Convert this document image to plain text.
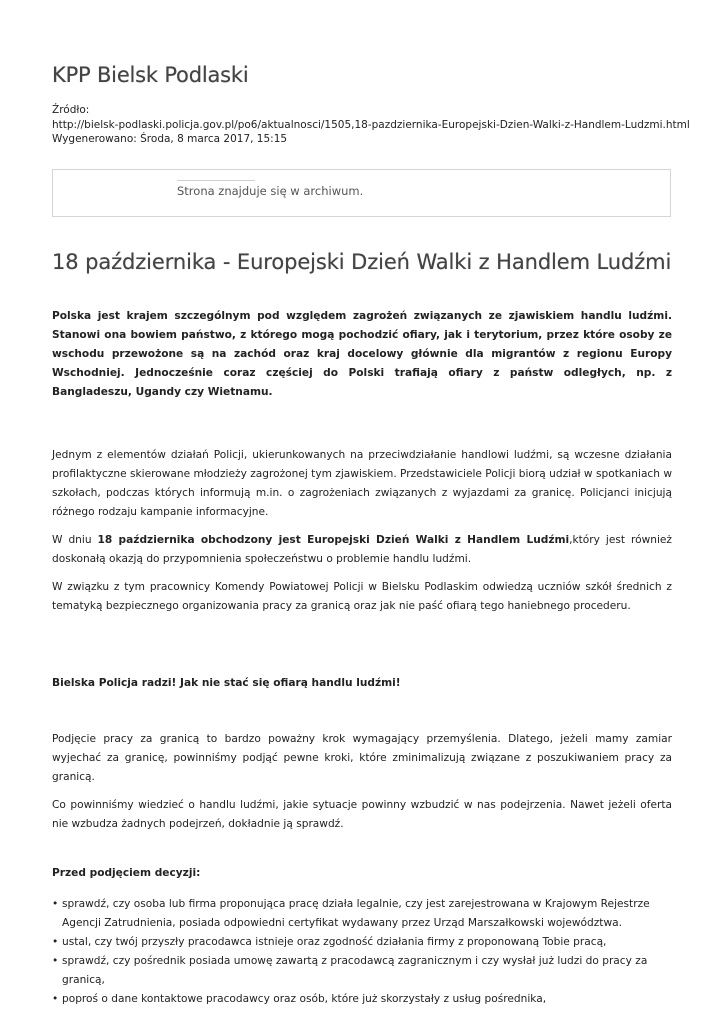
KPP Bielsk Podlaski
Źródło:
http://bielsk-podlaski.policja.gov.pl/po6/aktualnosci/1505,18-pazdziernika-Europejski-Dzien-Walki-z-Handlem-Ludzmi.html
Wygenerowano: Środa, 8 marca 2017, 15:15
Strona znajduje się w archiwum.
18 października - Europejski Dzień Walki z Handlem Ludźmi

Polska jest krajem szczególnym pod względem zagrożeń związanych ze zjawiskiem handlu ludźmi. Stanowi ona bowiem państwo, z którego mogą pochodzić ofiary, jak i terytorium, przez które osoby ze wschodu przewożone są na zachód oraz kraj docelowy głównie dla migrantów z regionu Europy Wschodniej. Jednocześnie coraz częściej do Polski trafiają ofiary z państw odległych, np. z Bangladeszu, Ugandy czy Wietnamu.

Jednym z elementów działań Policji, ukierunkowanych na przeciwdziałanie handlowi ludźmi, są wczesne działania profilaktyczne skierowane młodzieży zagrożonej tym zjawiskiem. Przedstawiciele Policji biorą udział w spotkaniach w szkołach, podczas których informują m.in. o zagrożeniach związanych z wyjazdami za granicę. Policjanci inicjują różnego rodzaju kampanie informacyjne.

W dniu 18 października obchodzony jest Europejski Dzień Walki z Handlem Ludźmi,który jest również doskonałą okazją do przypomnienia społeczeństwu o problemie handlu ludźmi.

W związku z tym pracownicy Komendy Powiatowej Policji w Bielsku Podlaskim odwiedzą uczniów szkół średnich z tematyką bezpiecznego organizowania pracy za granicą oraz jak nie paść ofiarą tego haniebnego procederu.

Bielska Policja radzi! Jak nie stać się ofiarą handlu ludźmi!

Podjęcie pracy za granicą to bardzo poważny krok wymagający przemyślenia. Dlatego, jeżeli mamy zamiar wyjechać za granicę, powinniśmy podjąć pewne kroki, które zminimalizują związane z poszukiwaniem pracy za granicą.

Co powinniśmy wiedzieć o handlu ludźmi, jakie sytuacje powinny wzbudzić w nas podejrzenia. Nawet jeżeli oferta nie wzbudza żadnych podejrzeń, dokładnie ją sprawdź.

Przed podjęciem decyzji:

• sprawdź, czy osoba lub firma proponująca pracę działa legalnie, czy jest zarejestrowana w Krajowym Rejestrze Agencji Zatrudnienia, posiada odpowiedni certyfikat wydawany przez Urząd Marszałkowski województwa.
• ustal, czy twój przyszły pracodawca istnieje oraz zgodność działania firmy z proponowaną Tobie pracą,
• sprawdź, czy pośrednik posiada umowę zawartą z pracodawcą zagranicznym i czy wysłał już ludzi do pracy za granicą,
• poproś o dane kontaktowe pracodawcy oraz osób, które już skorzystały z usług pośrednika,
